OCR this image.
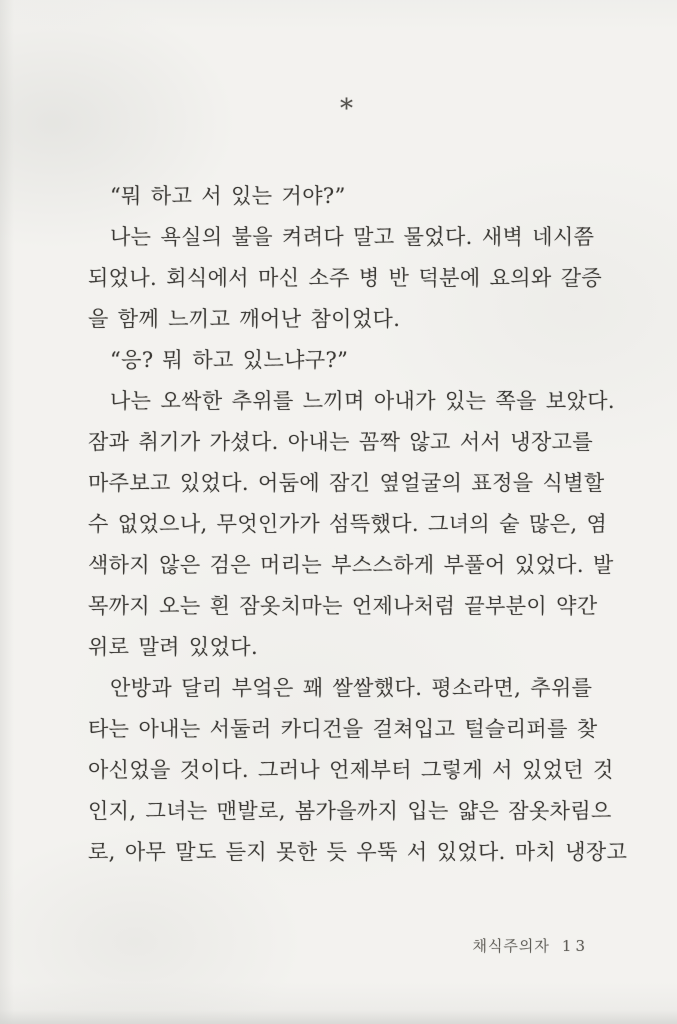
*
“뭐 하고 서 있는 거야?”
나는 욕실의 불을 켜려다 말고 물었다. 새벽 네시쯤
되었나. 회식에서 마신 소주 병 반 덕분에 요의와 갈증
을 함께 느끼고 깨어난 참이었다.
“응? 뭐 하고 있느냐구?”
나는 오싹한 추위를 느끼며 아내가 있는 쪽을 보았다.
잠과 취기가 가셨다. 아내는 꼼짝 않고 서서 냉장고를
마주보고 있었다. 어둠에 잠긴 옆얼굴의 표정을 식별할
수 없었으나, 무엇인가가 섬뜩했다. 그녀의 숱 많은, 염
색하지 않은 검은 머리는 부스스하게 부풀어 있었다. 발
목까지 오는 흰 잠옷치마는 언제나처럼 끝부분이 약간
위로 말려 있었다.
안방과 달리 부엌은 꽤 쌀쌀했다. 평소라면, 추위를
타는 아내는 서둘러 카디건을 걸쳐입고 털슬리퍼를 찾
아신었을 것이다. 그러나 언제부터 그렇게 서 있었던 것
인지, 그녀는 맨발로, 봄가을까지 입는 얇은 잠옷차림으
로, 아무 말도 듣지 못한 듯 우뚝 서 있었다. 마치 냉장고
채식주의자 13
